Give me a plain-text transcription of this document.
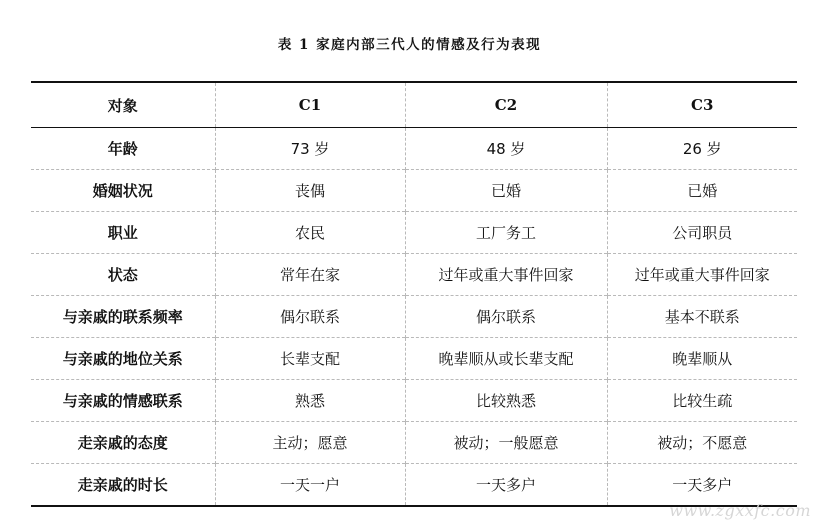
表 1 家庭内部三代人的情感及行为表现
对象	C1	C2	C3
年龄	73 岁	48 岁	26 岁
婚姻状况	丧偶	已婚	已婚
职业	农民	工厂务工	公司职员
状态	常年在家	过年或重大事件回家	过年或重大事件回家
与亲戚的联系频率	偶尔联系	偶尔联系	基本不联系
与亲戚的地位关系	长辈支配	晚辈顺从或长辈支配	晚辈顺从
与亲戚的情感联系	熟悉	比较熟悉	比较生疏
走亲戚的态度	主动；愿意	被动；一般愿意	被动；不愿意
走亲戚的时长	一天一户	一天多户	一天多户
www.zgxxfc.com
